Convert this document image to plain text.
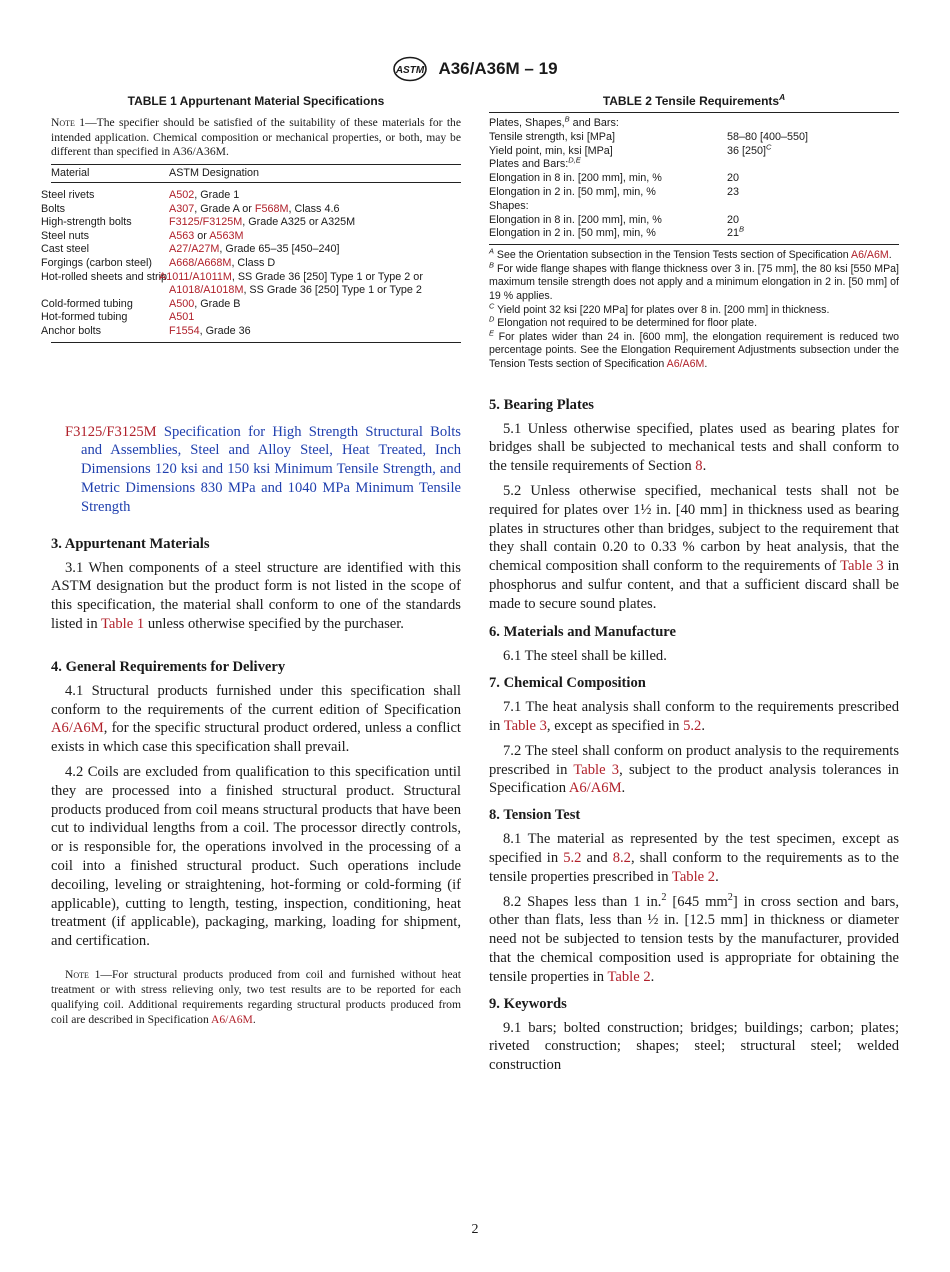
ASTM A36/A36M – 19
TABLE 1 Appurtenant Material Specifications
Note 1—The specifier should be satisfied of the suitability of these materials for the intended application. Chemical composition or mechanical properties, or both, may be different than specified in A36/A36M.
Material	ASTM Designation
Steel rivets	A502, Grade 1
Bolts	A307, Grade A or F568M, Class 4.6
High-strength bolts	F3125/F3125M, Grade A325 or A325M
Steel nuts	A563 or A563M
Cast steel	A27/A27M, Grade 65–35 [450–240]
Forgings (carbon steel)	A668/A668M, Class D
Hot-rolled sheets and strip	A1011/A1011M, SS Grade 36 [250] Type 1 or Type 2 or A1018/A1018M, SS Grade 36 [250] Type 1 or Type 2
Cold-formed tubing	A500, Grade B
Hot-formed tubing	A501
Anchor bolts	F1554, Grade 36

F3125/F3125M Specification for High Strength Structural Bolts and Assemblies, Steel and Alloy Steel, Heat Treated, Inch Dimensions 120 ksi and 150 ksi Minimum Tensile Strength, and Metric Dimensions 830 MPa and 1040 MPa Minimum Tensile Strength

3. Appurtenant Materials

3.1 When components of a steel structure are identified with this ASTM designation but the product form is not listed in the scope of this specification, the material shall conform to one of the standards listed in Table 1 unless otherwise specified by the purchaser.

4. General Requirements for Delivery

4.1 Structural products furnished under this specification shall conform to the requirements of the current edition of Specification A6/A6M, for the specific structural product ordered, unless a conflict exists in which case this specification shall prevail.

4.2 Coils are excluded from qualification to this specification until they are processed into a finished structural product. Structural products produced from coil means structural products that have been cut to individual lengths from a coil. The processor directly controls, or is responsible for, the operations involved in the processing of a coil into a finished structural product. Such operations include decoiling, leveling or straightening, hot-forming or cold-forming (if applicable), cutting to length, testing, inspection, conditioning, heat treatment (if applicable), packaging, marking, loading for shipment, and certification.

Note 1—For structural products produced from coil and furnished without heat treatment or with stress relieving only, two test results are to be reported for each qualifying coil. Additional requirements regarding structural products produced from coil are described in Specification A6/A6M.

TABLE 2 Tensile Requirements$^A$
Plates, Shapes,$^B$ and Bars:	
Tensile strength, ksi [MPa]	58–80 [400–550]
Yield point, min, ksi [MPa]	36 $[250]^C$
Plates and Bars:$^{D,E}$
Elongation in 8 in. [200 mm], min, %	20
Elongation in 2 in. [50 mm], min, %	23
Shapes:	
Elongation in 8 in. [200 mm], min, %	20
Elongation in 2 in. [50 mm], min, %	$21^B$

$^A$ See the Orientation subsection in the Tension Tests section of Specification A6/A6M.

$^B$ For wide flange shapes with flange thickness over 3 in. [75 mm], the 80 ksi [550 MPa] maximum tensile strength does not apply and a minimum elongation in 2 in. [50 mm] of 19 % applies.

$^C$ Yield point 32 ksi [220 MPa] for plates over 8 in. [200 mm] in thickness.

$^D$ Elongation not required to be determined for floor plate.

$^E$ For plates wider than 24 in. [600 mm], the elongation requirement is reduced two percentage points. See the Elongation Requirement Adjustments subsection under the Tension Tests section of Specification A6/A6M.

5. Bearing Plates

5.1 Unless otherwise specified, plates used as bearing plates for bridges shall be subjected to mechanical tests and shall conform to the tensile requirements of Section 8.

5.2 Unless otherwise specified, mechanical tests shall not be required for plates over 1½ in. [40 mm] in thickness used as bearing plates in structures other than bridges, subject to the requirement that they shall contain 0.20 to 0.33 % carbon by heat analysis, that the chemical composition shall conform to the requirements of Table 3 in phosphorus and sulfur content, and that a sufficient discard shall be made to secure sound plates.

6. Materials and Manufacture

6.1 The steel shall be killed.

7. Chemical Composition

7.1 The heat analysis shall conform to the requirements prescribed in Table 3, except as specified in 5.2.

7.2 The steel shall conform on product analysis to the requirements prescribed in Table 3, subject to the product analysis tolerances in Specification A6/A6M.

8. Tension Test

8.1 The material as represented by the test specimen, except as specified in 5.2 and 8.2, shall conform to the requirements as to the tensile properties prescribed in Table 2.

8.2 Shapes less than 1 in.$^2$ [645 $mm^2$] in cross section and bars, other than flats, less than ½ in. [12.5 mm] in thickness or diameter need not be subjected to tension tests by the manufacturer, provided that the chemical composition used is appropriate for obtaining the tensile properties in Table 2.

9. Keywords

9.1 bars; bolted construction; bridges; buildings; carbon; plates; riveted construction; shapes; steel; structural steel; welded construction

2
